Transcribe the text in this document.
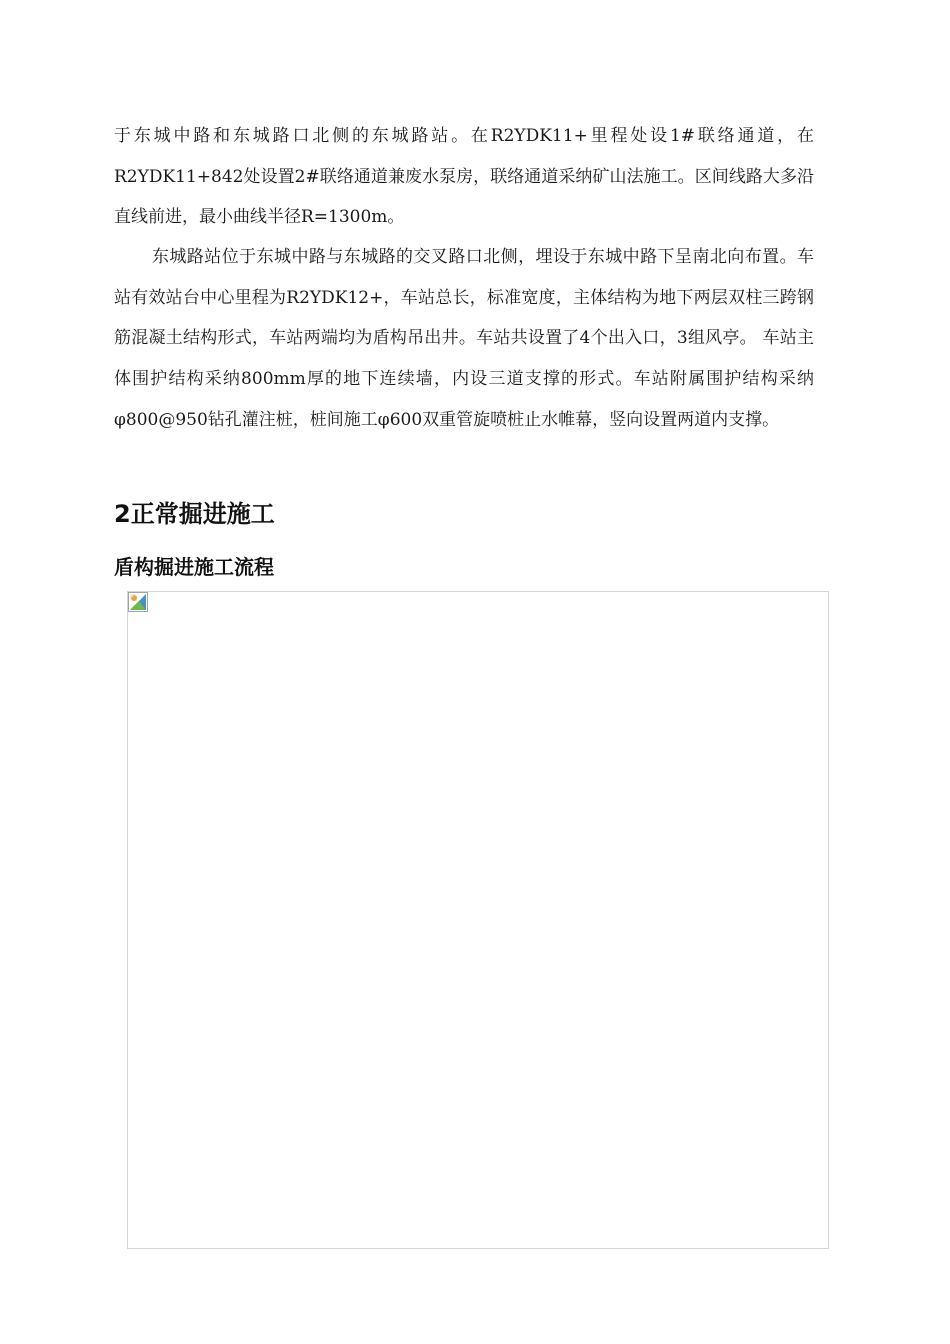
于东城中路和东城路口北侧的东城路站。在R2YDK11+里程处设1#联络通道，在R2YDK11+842处设置2#联络通道兼废水泵房，联络通道采纳矿山法施工。区间线路大多沿直线前进，最小曲线半径R=1300m。

东城路站位于东城中路与东城路的交叉路口北侧，埋设于东城中路下呈南北向布置。车站有效站台中心里程为R2YDK12+，车站总长，标准宽度，主体结构为地下两层双柱三跨钢筋混凝土结构形式，车站两端均为盾构吊出井。车站共设置了4个出入口，3组风亭。 车站主体围护结构采纳800mm厚的地下连续墙，内设三道支撑的形式。车站附属围护结构采纳φ800@950钻孔灌注桩，桩间施工φ600双重管旋喷桩止水帷幕，竖向设置两道内支撑。

2正常掘进施工
盾构掘进施工流程
